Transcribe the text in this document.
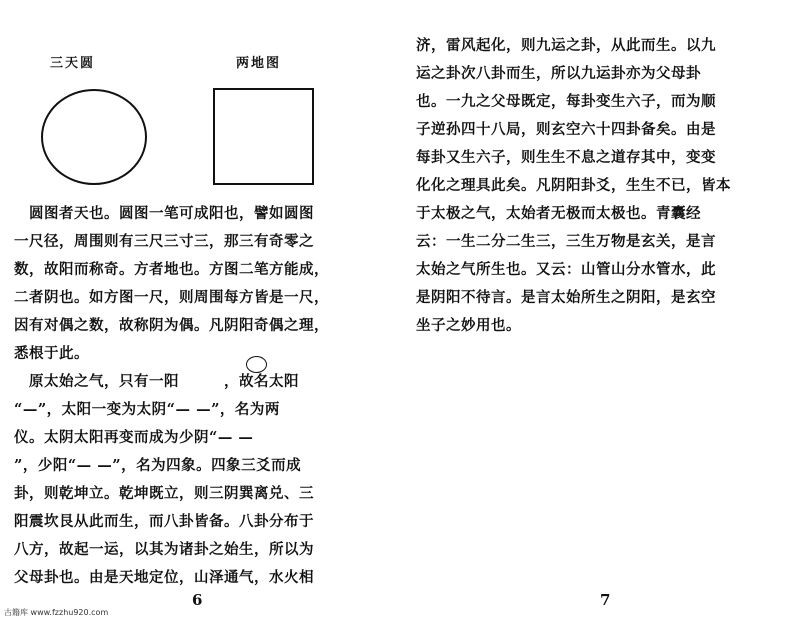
三天圆	两地图
　圆图者天也。圆图一笔可成阳也，譬如圆图
一尺径，周围则有三尺三寸三，那三有奇零之
数，故阳而称奇。方者地也。方图二笔方能成，
二者阴也。如方图一尺，则周围每方皆是一尺，
因有对偶之数，故称阴为偶。凡阴阳奇偶之理，
悉根于此。
　原太始之气，只有一阳　　　，故名太阳
“—”，太阳一变为太阴“— —”，名为两
仪。太阴太阳再变而成为少阴“— —
”，少阳“— —”，名为四象。四象三爻而成
卦，则乾坤立。乾坤既立，则三阴巽离兑、三
阳震坎艮从此而生，而八卦皆备。八卦分布于
八方，故起一运，以其为诸卦之始生，所以为
父母卦也。由是天地定位，山泽通气，水火相
6
古籍库 www.fzzhu920.com
济，雷风起化，则九运之卦，从此而生。以九
运之卦次八卦而生，所以九运卦亦为父母卦
也。一九之父母既定，每卦变生六子，而为顺
子逆孙四十八局，则玄空六十四卦备矣。由是
每卦又生六子，则生生不息之道存其中，变变
化化之理具此矣。凡阴阳卦爻，生生不已，皆本
于太极之气，太始者无极而太极也。青囊经
云：一生二分二生三，三生万物是玄关，是言
太始之气所生也。又云：山管山分水管水，此
是阴阳不待言。是言太始所生之阴阳，是玄空
坐子之妙用也。
7
